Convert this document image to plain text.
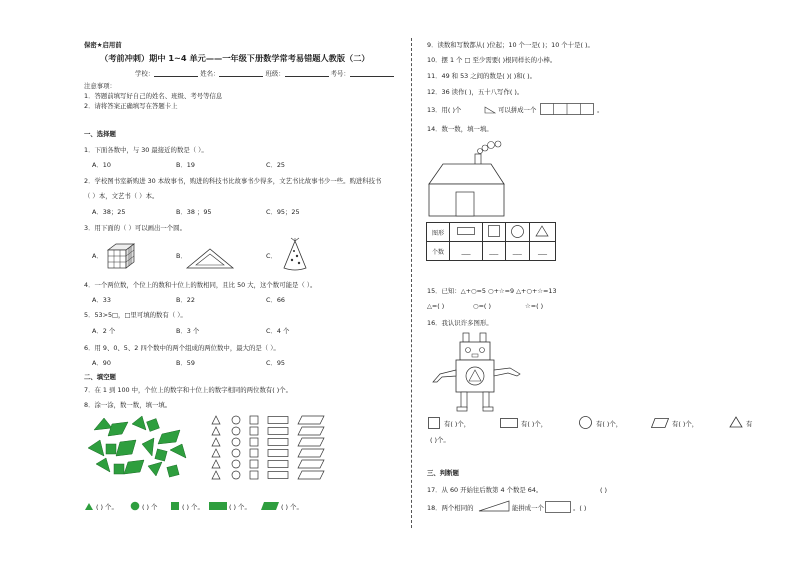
保密★启用前
（考前冲刺）期中 1~4 单元——一年级下册数学常考易错题人教版（二）
学校：	姓名：	班级：	考号：
注意事项：
1．答题前填写好自己的姓名、班级、考号等信息
2．请将答案正确填写在答题卡上
一、选择题
1．下面各数中，与 30 最接近的数是（ ）。
A．10	B．19	C．25
2．学校图书室新购进 30 本故事书，购进的科技书比故事书少得多，文艺书比故事书少一些。购进科技书
（ ）本，文艺书（ ）本。
A．38；25	B．38 ；95	C．95；25
3．用下面的（ ）可以画出一个圆。
A．	B．	C．
4．一个两位数，个位上的数和十位上的数相同，且比 50 大，这个数可能是（ ）。
A．33	B．22	C．66
5．53>5□，□里可填的数有（ ）。
A．2 个	B．3 个	C．4 个
6．用 9、0、5、2 四个数中的两个组成的两位数中，最大的是（ ）。
A．90	B．59	C．95
二、填空题
7．在 1 到 100 中，个位上的数字和十位上的数字相同的两位数有( )个。
8．涂一涂，数一数，填一填。
( ) 个。	( ) 个	( ) 个。	( ) 个。	( ) 个。
9．读数和写数都从( )位起；10 个一是( )；10 个十是( )。
10．摆 1 个 □ 至少需要( )根同样长的小棒。
11．49 和 53 之间的数是( )( )和( )。
12．36 读作( )，五十八写作( )。
13．用( )个	可以拼成一个	。
14．数一数，填一填。
图形				
个数	___	___	___	___
15．已知：△+○=5 ○+☆=9 △+○+☆=13
△=( )	○=( )	☆=( )
16．我认识许多图形。
有( )个，	有( )个，	有( )个，	有( )个，	有
( )个。
三、判断题
17．从 60 开始往后数第 4 个数是 64。	( )
18．两个相同的	能拼成一个	。( )
